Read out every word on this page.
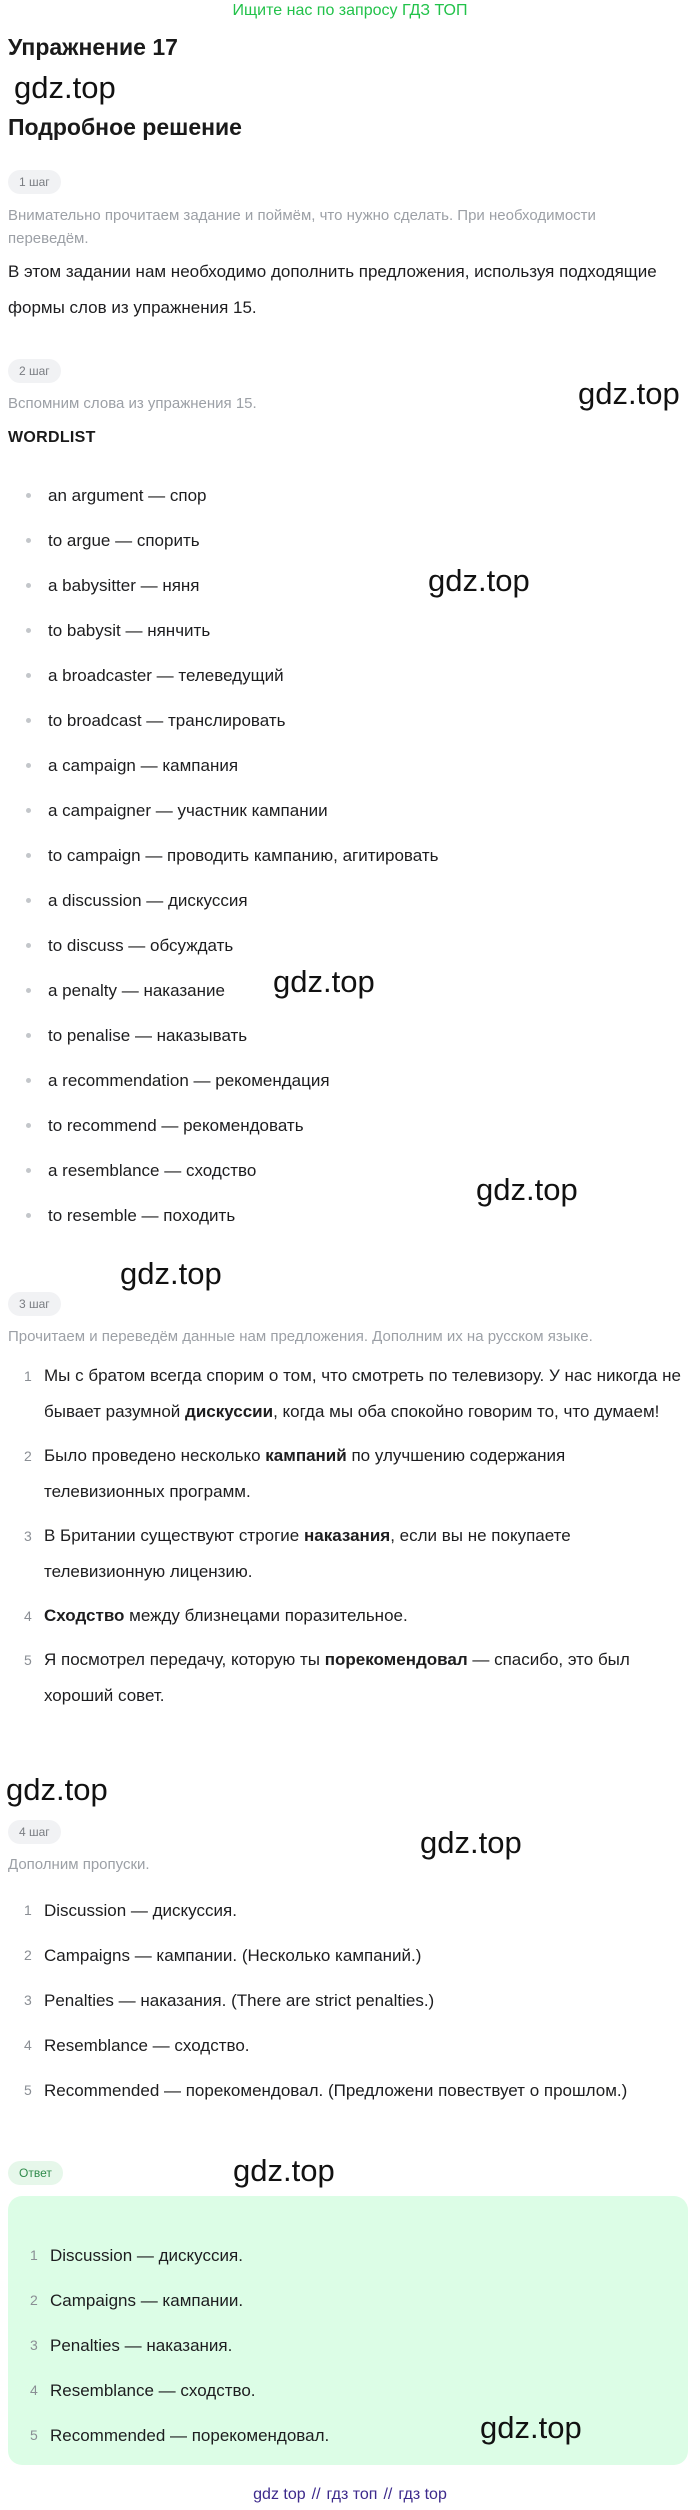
Ищите нас по запросу ГДЗ ТОП
Упражнение 17
gdz.top
Подробное решение
1 шаг
Внимательно прочитаем задание и поймём, что нужно сделать. При необходимости переведём.
В этом задании нам необходимо дополнить предложения, используя подходящие формы слов из упражнения 15.
2 шаг
Вспомним слова из упражнения 15.	gdz.top
WORDLIST
an argument — спор
to argue — спорить
a babysitter — няня
to babysit — нянчить
a broadcaster — телеведущий
to broadcast — транслировать
a campaign — кампания
a campaigner — участник кампании
to campaign — проводить кампанию, агитировать
a discussion — дискуссия
to discuss — обсуждать
a penalty — наказание
to penalise — наказывать
a recommendation — рекомендация
to recommend — рекомендовать
a resemblance — сходство
to resemble — походить
gdz.top
gdz.top
gdz.top
gdz.top
3 шаг
Прочитаем и переведём данные нам предложения. Дополним их на русском языке.
1 Мы с братом всегда спорим о том, что смотреть по телевизору. У нас никогда не бывает разумной дискуссии, когда мы оба спокойно говорим то, что думаем!
2 Было проведено несколько кампаний по улучшению содержания телевизионных программ.
3 В Британии существуют строгие наказания, если вы не покупаете телевизионную лицензию.
4 Сходство между близнецами поразительное.
5 Я посмотрел передачу, которую ты порекомендовал — спасибо, это был хороший совет.
gdz.top
4 шаг	gdz.top
Дополним пропуски.
1 Discussion — дискуссия.
2 Campaigns — кампании. (Несколько кампаний.)
3 Penalties — наказания. (There are strict penalties.)
4 Resemblance — сходство.
5 Recommended — порекомендовал. (Предложени повествует о прошлом.)
Ответ	gdz.top
1 Discussion — дискуссия.
2 Campaigns — кампании.
3 Penalties — наказания.
4 Resemblance — сходство.
5 Recommended — порекомендовал.	gdz.top
gdz top // гдз топ // гдз top
